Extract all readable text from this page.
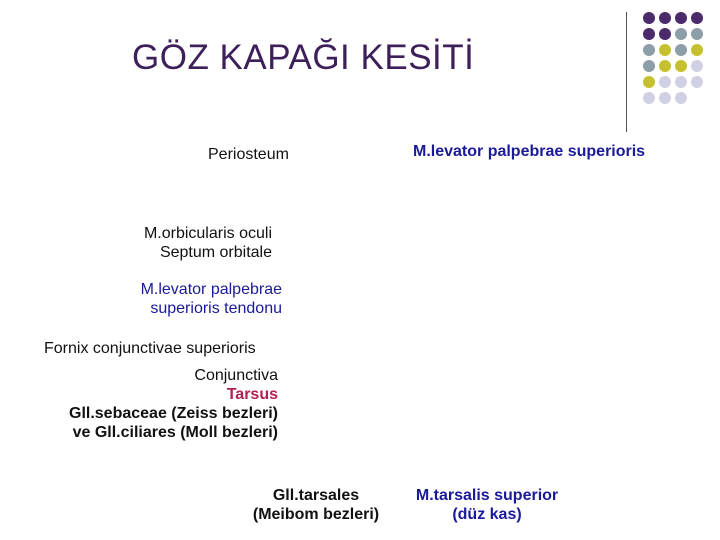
GÖZ KAPAĞI KESİTİ
Periosteum	M.levator palpebrae superioris
M.orbicularis oculi
Septum orbitale
M.levator palpebrae
superioris tendonu
Fornix conjunctivae superioris
Conjunctiva
Tarsus
Gll.sebaceae (Zeiss bezleri)
ve Gll.ciliares (Moll bezleri)
Gll.tarsales
(Meibom bezleri)
M.tarsalis superior
(düz kas)
